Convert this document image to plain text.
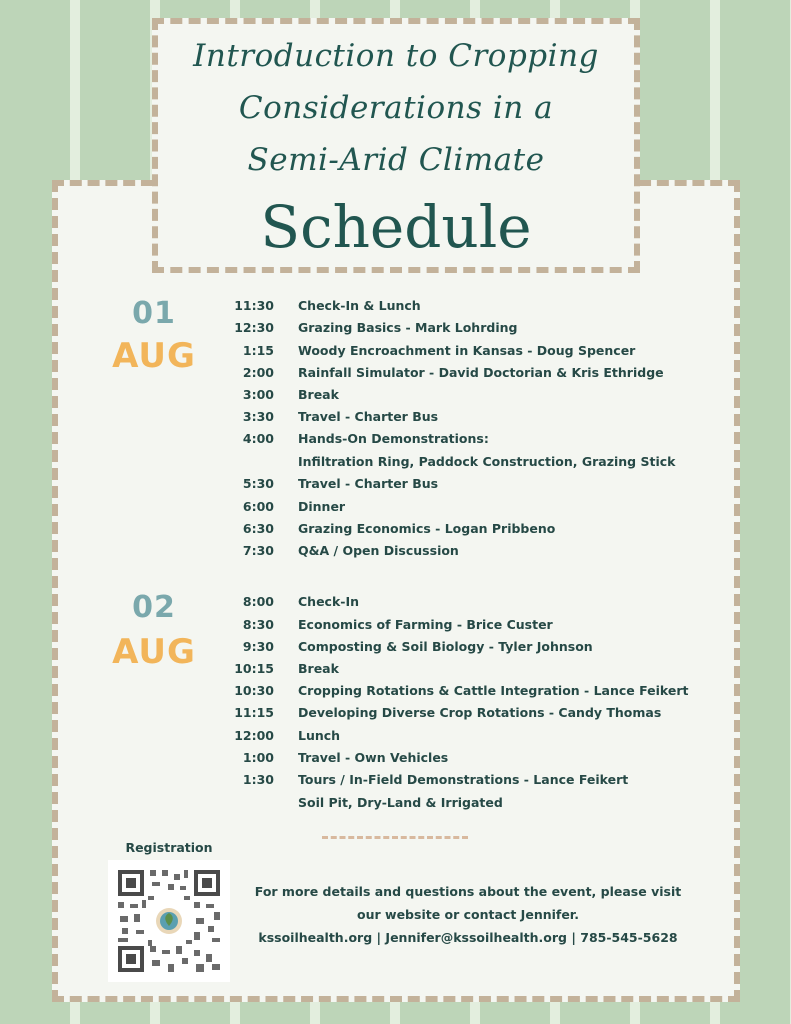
Introduction to Cropping
Considerations in a
Semi-Arid Climate
Schedule
01
AUG
11:30 Check-In & Lunch
12:30 Grazing Basics - Mark Lohrding
1:15 Woody Encroachment in Kansas - Doug Spencer
2:00 Rainfall Simulator - David Doctorian & Kris Ethridge
3:00 Break
3:30 Travel - Charter Bus
4:00 Hands-On Demonstrations:
Infiltration Ring, Paddock Construction, Grazing Stick
5:30 Travel - Charter Bus
6:00 Dinner
6:30 Grazing Economics - Logan Pribbeno
7:30 Q&A / Open Discussion
02
AUG
8:00 Check-In
8:30 Economics of Farming - Brice Custer
9:30 Composting & Soil Biology - Tyler Johnson
10:15 Break
10:30 Cropping Rotations & Cattle Integration - Lance Feikert
11:15 Developing Diverse Crop Rotations - Candy Thomas
12:00 Lunch
1:00 Travel - Own Vehicles
1:30 Tours / In-Field Demonstrations - Lance Feikert
Soil Pit, Dry-Land & Irrigated
Registration
For more details and questions about the event, please visit
our website or contact Jennifer.
kssoilhealth.org | Jennifer@kssoilhealth.org | 785-545-5628
